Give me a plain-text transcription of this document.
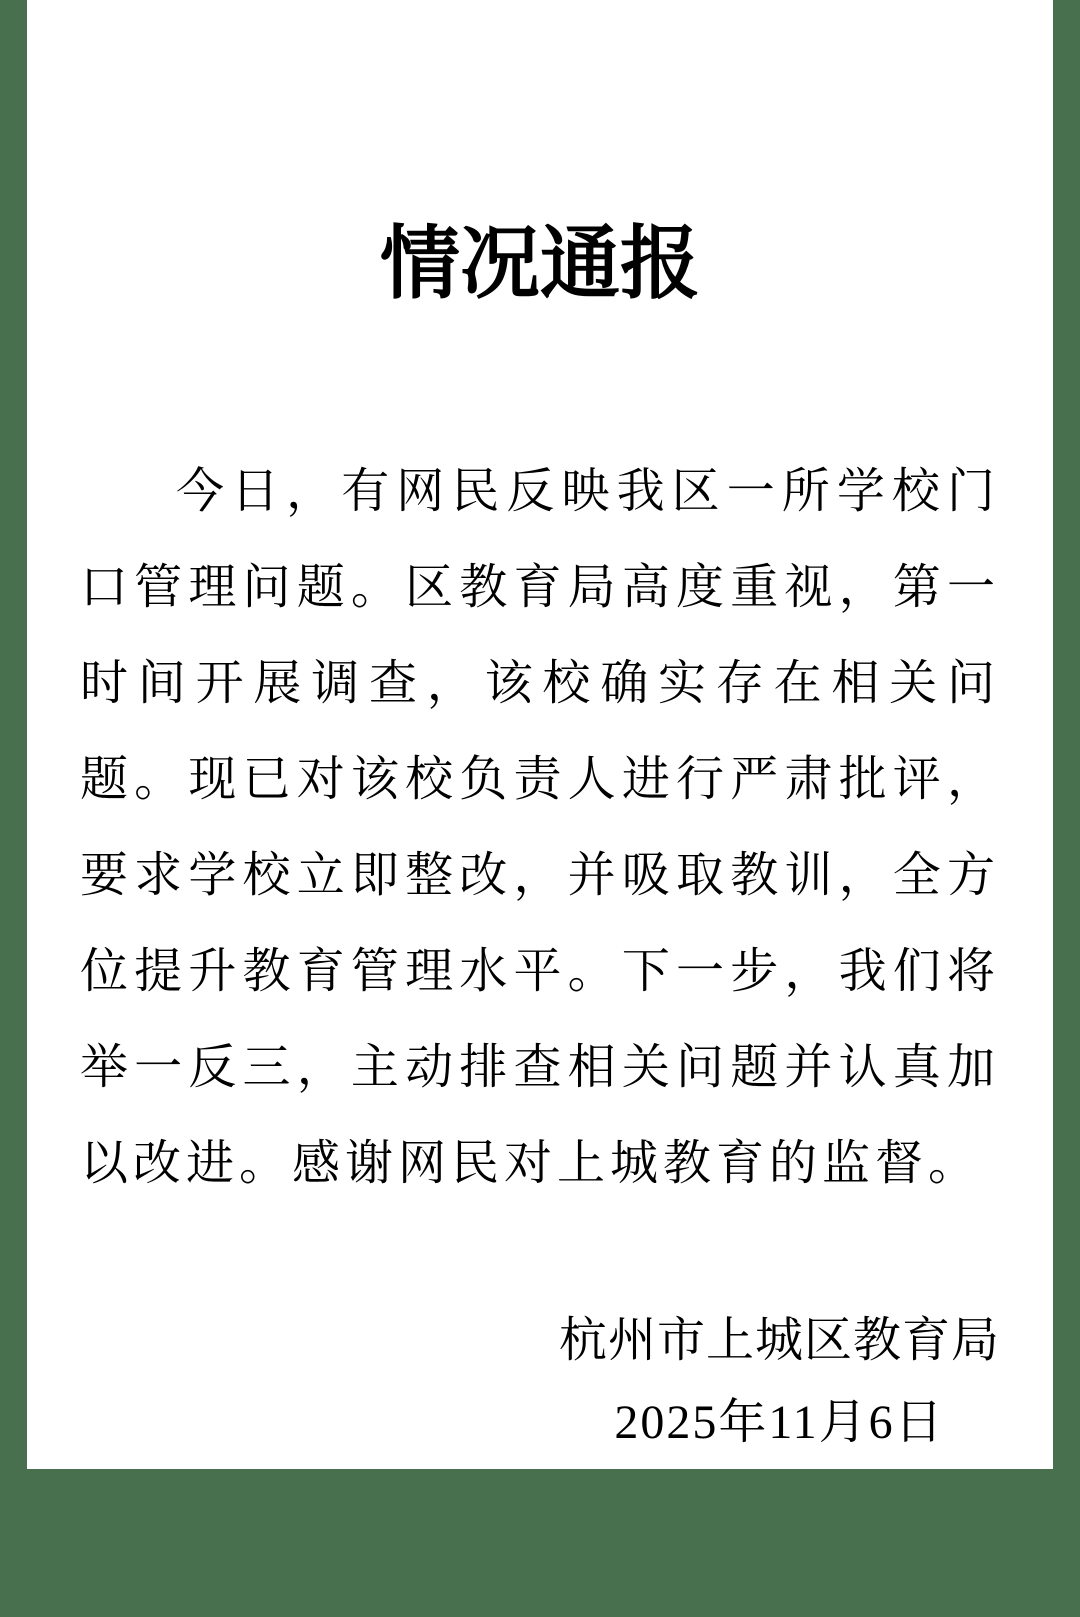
情况通报

今日，有网民反映我区一所学校门口管理问题。区教育局高度重视，第一时间开展调查，该校确实存在相关问题。现已对该校负责人进行严肃批评，要求学校立即整改，并吸取教训，全方位提升教育管理水平。下一步，我们将举一反三，主动排查相关问题并认真加以改进。感谢网民对上城教育的监督。

杭州市上城区教育局
2025年11月6日
